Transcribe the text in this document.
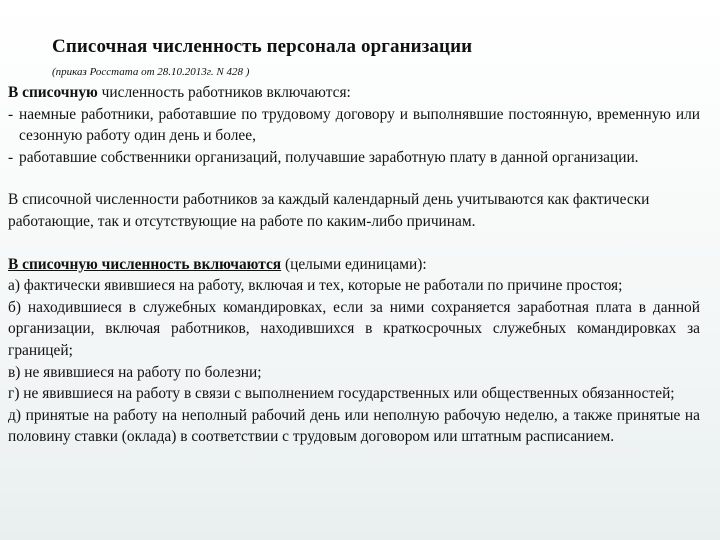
Списочная численность персонала организации
(приказ Росстата от 28.10.2013г. N 428 )

В списочную численность работников включаются:

- наемные работники, работавшие по трудовому договору и выполнявшие постоянную, временную или сезонную работу один день и более,
- работавшие собственники организаций, получавшие заработную плату в данной организации.

В списочной численности работников за каждый календарный день учитываются как фактически работающие, так и отсутствующие на работе по каким-либо причинам.

В списочную численность включаются (целыми единицами):

а) фактически явившиеся на работу, включая и тех, которые не работали по причине простоя;

б) находившиеся в служебных командировках, если за ними сохраняется заработная плата в данной организации, включая работников, находившихся в краткосрочных служебных командировках за границей;

в) не явившиеся на работу по болезни;

г) не явившиеся на работу в связи с выполнением государственных или общественных обязанностей;

д) принятые на работу на неполный рабочий день или неполную рабочую неделю, а также принятые на половину ставки (оклада) в соответствии с трудовым договором или штатным расписанием.
